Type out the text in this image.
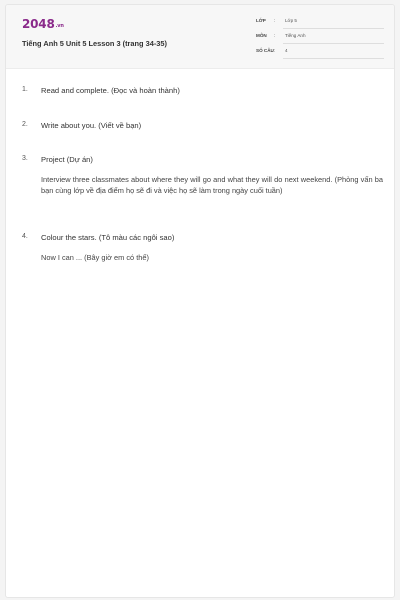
2048.vn
Tiếng Anh 5 Unit 5 Lesson 3 (trang 34-35)
LỚP : Lớp 5
MÔN : Tiếng Anh
SỐ CÂU : 4
1. Read and complete. (Đọc và hoàn thành)
2. Write about you. (Viết về bạn)
3. Project (Dự án)
Interview three classmates about where they will go and what they will do next weekend. (Phỏng vấn ba bạn cùng lớp về địa điểm họ sẽ đi và việc họ sẽ làm trong ngày cuối tuần)
4. Colour the stars. (Tô màu các ngôi sao)
Now I can ... (Bây giờ em có thể)
